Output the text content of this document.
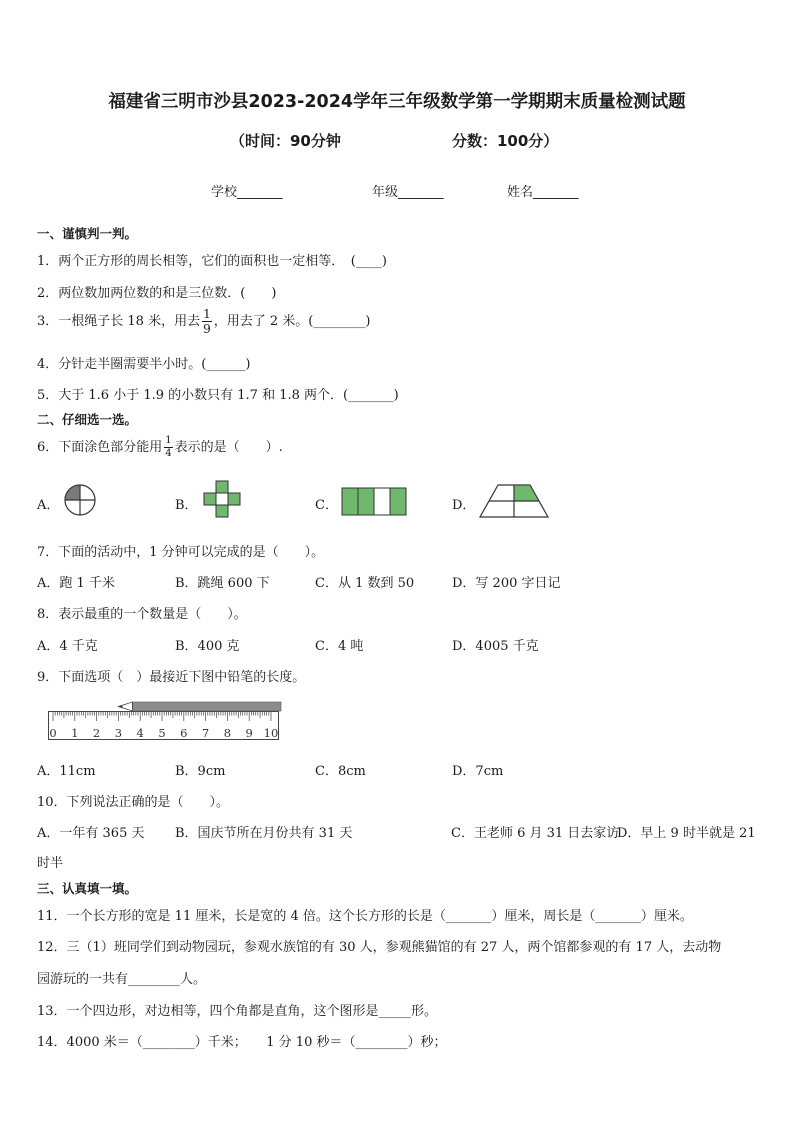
福建省三明市沙县2023-2024学年三年级数学第一学期期末质量检测试题
（时间：90分钟	分数：100分）
学校_______	年级_______	姓名_______
一、谨慎判一判。
1．两个正方形的周长相等，它们的面积也一定相等．　(____)
2．两位数加两位数的和是三位数．(　　)
3．一根绳子长 18 米，用去 $\frac{1}{9}$ ，用去了 2 米。(________)
4．分针走半圈需要半小时。(______)
5．大于 1.6 小于 1.9 的小数只有 1.7 和 1.8 两个．(_______)
二、仔细选一选。
6．下面涂色部分能用 $\frac{1}{4}$ 表示的是（　　）.
A．	B．	C．	D．
7．下面的活动中，1 分钟可以完成的是（　　）。
A．跑 1 千米	B．跳绳 600 下	C．从 1 数到 50	D．写 200 字日记
8．表示最重的一个数量是（　　）。
A．4 千克	B．400 克	C．4 吨	D．4005 千克
9．下面选项（　）最接近下图中铅笔的长度。
0 1 2 3 4 5 6 7 8 9 10
A．11cm	B．9cm	C．8cm	D．7cm
10．下列说法正确的是（　　）。
A．一年有 365 天 B．国庆节所在月份共有 31 天	C．王老师 6 月 31 日去家访
D．早上 9 时半就是 21
时半
三、认真填一填。
11．一个长方形的宽是 11 厘米，长是宽的 4 倍。这个长方形的长是（_______）厘米，周长是（_______）厘米。
12．三（1）班同学们到动物园玩，参观水族馆的有 30 人，参观熊猫馆的有 27 人，两个馆都参观的有 17 人，去动物
园游玩的一共有________人。
13．一个四边形，对边相等，四个角都是直角，这个图形是_____形。
14．4000 米＝（________）千米；　　1 分 10 秒＝（________）秒；
